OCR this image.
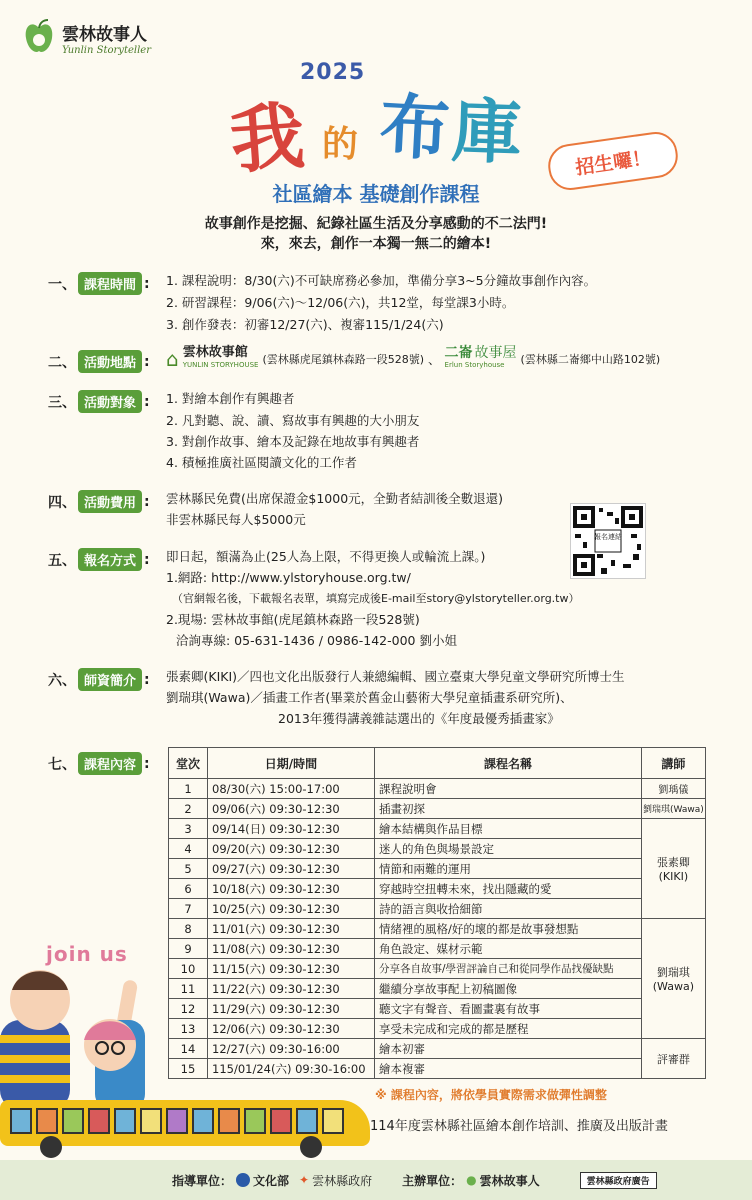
雲林故事人
Yunlin Storyteller
2025
我 的 布
庫	招生囉！
社區繪本 基礎創作課程
故事創作是挖掘、紀錄社區生活及分享感動的不二法門!
來，來去，創作一本獨一無二的繪本!
一、 課程時間 : 1. 課程說明：8/30(六)不可缺席務必參加，準備分享3~5分鐘故事創作內容。
2. 研習課程：9/06(六)～12/06(六)，共12堂，每堂課3小時。
3. 創作發表：初審12/27(六)、複審115/1/24(六)
二、 活動地點 : ⌂ 雲林故事館
YUNLIN STORYHOUSE (雲林縣虎尾鎮林森路一段528號) 、 二崙 故事屋
Erlun Storyhouse	(雲林縣二崙鄉中山路102號)
三、 活動對象 : 1. 對繪本創作有興趣者
2. 凡對聽、說、讀、寫故事有興趣的大小朋友
3. 對創作故事、繪本及記錄在地故事有興趣者
4. 積極推廣社區閱讀文化的工作者
四、 活動費用 : 雲林縣民免費(出席保證金$1000元，全勤者結訓後全數退還)
非雲林縣民每人$5000元
報名連結
五、 報名方式 : 即日起，額滿為止(25人為上限，不得更換人或輪流上課。)
1.網路: http://www.ylstoryhouse.org.tw/
（官網報名後，下載報名表單，填寫完成後E-mail至story@ylstoryteller.org.tw）
2.現場: 雲林故事館(虎尾鎮林森路一段528號)
洽詢專線: 05-631-1436 / 0986-142-000 劉小姐
六、 師資簡介 : 張素卿(KIKI)／四也文化出版發行人兼總編輯、國立臺東大學兒童文學研究所博士生
劉瑞琪(Wawa)／插畫工作者(畢業於舊金山藝術大學兒童插畫系研究所)、
2013年獲得講義雜誌選出的《年度最優秀插畫家》
七、 課程內容 : 堂次	日期/時間	課程名稱	講師
1	08/30(六) 15:00-17:00	課程說明會	劉瑀儀
2	09/06(六) 09:30-12:30	插畫初探	劉瑞琪(Wawa)
3	09/14(日) 09:30-12:30	繪本結構與作品目標	張素卿
(KIKI)

4	09/20(六) 09:30-12:30	迷人的角色與場景設定	
5	09/27(六) 09:30-12:30	情節和兩難的運用	
6	10/18(六) 09:30-12:30	穿越時空扭轉未來，找出隱藏的愛	
7	10/25(六) 09:30-12:30	詩的語言與收拾細節	
8	11/01(六) 09:30-12:30	情緒裡的風格/好的壞的都是故事發想點	劉瑞琪
(Wawa)

9	11/08(六) 09:30-12:30	角色設定、媒材示範	
10	11/15(六) 09:30-12:30	分享各自故事/學習評論自己和從同學作品找優缺點	
11	11/22(六) 09:30-12:30	繼續分享故事配上初稿圖像	
12	11/29(六) 09:30-12:30	聽文字有聲音、看圖畫裏有故事	
13	12/06(六) 09:30-12:30	享受未完成和完成的都是歷程	
14	12/27(六) 09:30-16:00	繪本初審	評審群
15	115/01/24(六) 09:30-16:00	繪本複審	
※ 課程內容，將依學員實際需求做彈性調整
114年度雲林縣社區繪本創作培訓、推廣及出版計畫
join us
指導單位： 文化部 ✦ 雲林縣政府	主辦單位： ● 雲林故事人	雲林縣政府廣告
